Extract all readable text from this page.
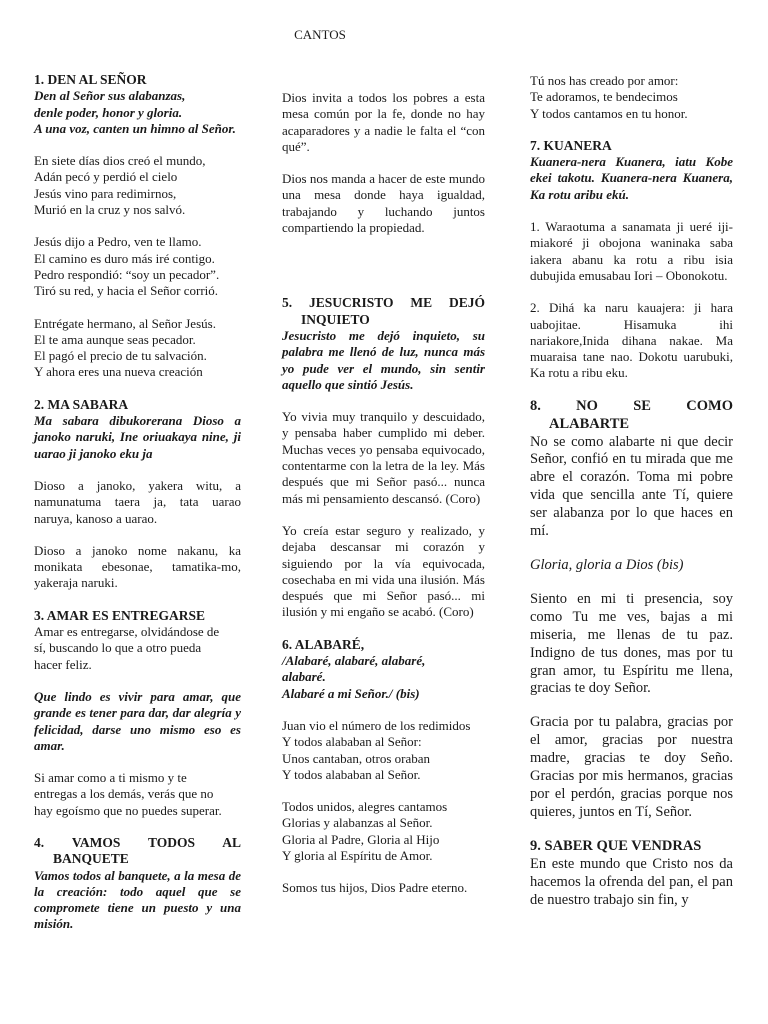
CANTOS

1. DEN AL SEÑOR

Den al Señor sus alabanzas,

denle poder, honor y gloria.

A una voz, canten un himno al Señor.

En siete días dios creó el mundo,

Adán pecó y perdió el cielo

Jesús vino para redimirnos,

Murió en la cruz y nos salvó.

Jesús dijo a Pedro, ven te llamo.

El camino es duro más iré contigo.

Pedro respondió: “soy un pecador”.

Tiró su red, y hacia el Señor corrió.

Entrégate hermano, al Señor Jesús.

El te ama aunque seas pecador.

El pagó el precio de tu salvación.

Y ahora eres una nueva creación

2. MA SABARA

Ma sabara dibukorerana Dioso a janoko naruki, Ine oriuakaya nine, ji uarao ji janoko eku ja

Dioso a janoko, yakera witu, a namunatuma taera ja, tata uarao naruya, kanoso a uarao.

Dioso a janoko nome nakanu, ka monikata ebesonae, tamatika-mo, yakeraja naruki.

3. AMAR ES ENTREGARSE

Amar es entregarse, olvidándose de

sí, buscando lo que a otro pueda

hacer feliz.

Que lindo es vivir para amar, que grande es tener para dar, dar alegría y felicidad, darse uno mismo eso es amar.

Si amar como a ti mismo y te

entregas a los demás, verás que no

hay egoísmo que no puedes superar.

4. VAMOS TODOS AL

BANQUETE

Vamos todos al banquete, a la mesa de la creación: todo aquel que se compromete tiene un puesto y una misión.

Dios invita a todos los pobres a esta mesa común por la fe, donde no hay acaparadores y a nadie le falta el “con qué”.

Dios nos manda a hacer de este mundo una mesa donde haya igualdad, trabajando y luchando juntos compartiendo la propiedad.

5. JESUCRISTO ME DEJÓ

INQUIETO

Jesucristo me dejó inquieto, su palabra me llenó de luz, nunca más yo pude ver el mundo, sin sentir aquello que sintió Jesús.

Yo vivia muy tranquilo y descuidado, y pensaba haber cumplido mi deber. Muchas veces yo pensaba equivocado, contentarme con la letra de la ley. Más después que mi Señor pasó... nunca más mi pensamiento descansó. (Coro)

Yo creía estar seguro y realizado, y dejaba descansar mi corazón y siguiendo por la vía equivocada, cosechaba en mi vida una ilusión. Más después que mi Señor pasó... mi ilusión y mi engaño se acabó. (Coro)

6. ALABARÉ,

/Alabaré, alabaré, alabaré,

alabaré.

Alabaré a mi Señor./ (bis)

Juan vio el número de los redimidos

Y todos alababan al Señor:

Unos cantaban, otros oraban

Y todos alababan al Señor.

Todos unidos, alegres cantamos

Glorias y alabanzas al Señor.

Gloria al Padre, Gloria al Hijo

Y gloria al Espíritu de Amor.

Somos tus hijos, Dios Padre eterno.

Tú nos has creado por amor:

Te adoramos, te bendecimos

Y todos cantamos en tu honor.

7. KUANERA

Kuanera-nera Kuanera, iatu Kobe ekei takotu. Kuanera-nera Kuanera, Ka rotu aribu ekú.

1. Waraotuma a sanamata ji ueré iji-miakoré ji obojona waninaka saba iakera abanu ka rotu a ribu isia dubujida emusabau Iori – Obonokotu.

2. Dihá ka naru kauajera: ji hara uabojitae. Hisamuka ihi nariakore,Inida dihana nakae. Ma muaraisa tane nao. Dokotu uarubuki, Ka rotu a ribu eku.

8. NO SE COMO

ALABARTE

No se como alabarte ni que decir Señor, confió en tu mirada que me abre el corazón. Toma mi pobre vida que sencilla ante Tí, quiere ser alabanza por lo que haces en mí.

Gloria, gloria a Dios (bis)

Siento en mi ti presencia, soy como Tu me ves, bajas a mi miseria, me llenas de tu paz. Indigno de tus dones, mas por tu gran amor, tu Espíritu me llena, gracias te doy Señor.

Gracia por tu palabra, gracias por el amor, gracias por nuestra madre, gracias te doy Seño. Gracias por mis hermanos, gracias por el perdón, gracias porque nos quieres, juntos en Tí, Señor.

9. SABER QUE VENDRAS

En este mundo que Cristo nos da hacemos la ofrenda del pan, el pan de nuestro trabajo sin fin, y
